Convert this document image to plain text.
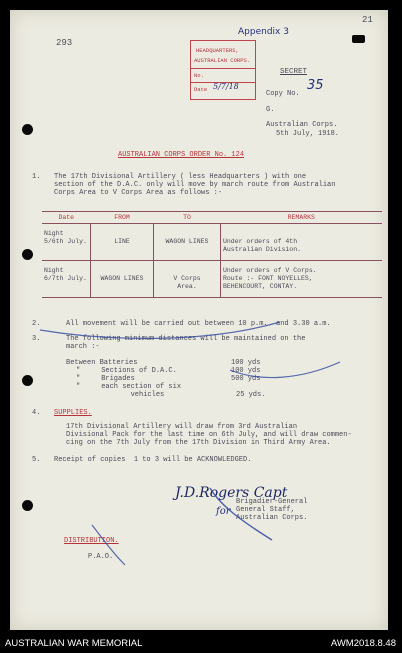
293
21
Appendix 3
HEADQUARTERS,
AUSTRALIAN CORPS.
No.
Date 5/7/18
SECRET
Copy No.
35
G.
Australian Corps.
5th July, 1918.
AUSTRALIAN CORPS ORDER No. 124
1. The 17th Divisional Artillery ( less Headquarters ) with one
section of the D.A.C. only will move by march route from Australian
Corps Area to V Corps Area as follows :-
Date	FROM	TO	REMARKS
Night
5/6th July.	LINE	WAGON LINES	Under orders of 4th
Australian Division.
Night
6/7th July.	WAGON LINES	V Corps
Area.	Under orders of V Corps.
Route :- FONT NOYELLES,
BEHENCOURT, CONTAY.
2.	All movement will be carried out between 10 p.m.  and 3.30 a.m.
3.	The following minimum distances will be maintained on the
march :-
Between Batteries	100 yds
"     Sections of D.A.C.	100 yds
"     Brigades	500 yds
"     each section of six
vehicles	25 yds.
4. SUPPLIES.
17th Divisional Artillery will draw from 3rd Australian
Divisional Pack for the last time on 6th July, and will draw commen-
cing on the 7th July from the 17th Division in Third Army Area.
5. Receipt of copies  1 to 3 will be ACKNOWLEDGED.
J.D.Rogers Capt
for
Brigadier-General
General Staff,
Australian Corps.
DISTRIBUTION.
P.A.O.
AUSTRALIAN WAR MEMORIAL	AWM2018.8.48
